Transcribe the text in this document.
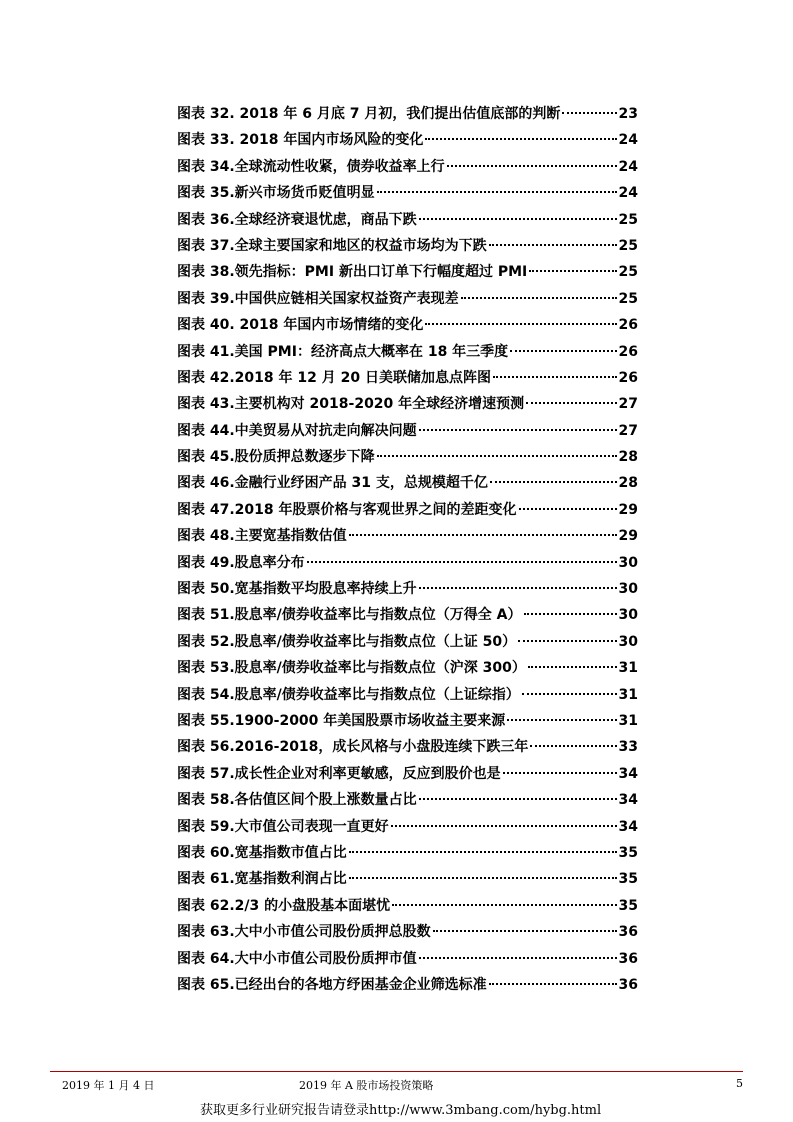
图表 32. 2018 年 6 月底 7 月初，我们提出估值底部的判断	23
图表 33. 2018 年国内市场风险的变化	24
图表 34.全球流动性收紧，债券收益率上行	24
图表 35.新兴市场货币贬值明显	24
图表 36.全球经济衰退忧虑，商品下跌	25
图表 37.全球主要国家和地区的权益市场均为下跌	25
图表 38.领先指标：PMI 新出口订单下行幅度超过 PMI	25
图表 39.中国供应链相关国家权益资产表现差	25
图表 40. 2018 年国内市场情绪的变化	26
图表 41.美国 PMI：经济高点大概率在 18 年三季度	26
图表 42.2018 年 12 月 20 日美联储加息点阵图	26
图表 43.主要机构对 2018-2020 年全球经济增速预测	27
图表 44.中美贸易从对抗走向解决问题	27
图表 45.股份质押总数逐步下降	28
图表 46.金融行业纾困产品 31 支，总规模超千亿	28
图表 47.2018 年股票价格与客观世界之间的差距变化	29
图表 48.主要宽基指数估值	29
图表 49.股息率分布	30
图表 50.宽基指数平均股息率持续上升	30
图表 51.股息率/债券收益率比与指数点位（万得全 A）	30
图表 52.股息率/债券收益率比与指数点位（上证 50）	30
图表 53.股息率/债券收益率比与指数点位（沪深 300）	31
图表 54.股息率/债券收益率比与指数点位（上证综指）	31
图表 55.1900-2000 年美国股票市场收益主要来源	31
图表 56.2016-2018，成长风格与小盘股连续下跌三年	33
图表 57.成长性企业对利率更敏感，反应到股价也是	34
图表 58.各估值区间个股上涨数量占比	34
图表 59.大市值公司表现一直更好	34
图表 60.宽基指数市值占比	35
图表 61.宽基指数利润占比	35
图表 62.2/3 的小盘股基本面堪忧	35
图表 63.大中小市值公司股份质押总股数	36
图表 64.大中小市值公司股份质押市值	36
图表 65.已经出台的各地方纾困基金企业筛选标准	36
2019 年 1 月 4 日	2019 年 A 股市场投资策略	5
获取更多行业研究报告请登录http://www.3mbang.com/hybg.html
